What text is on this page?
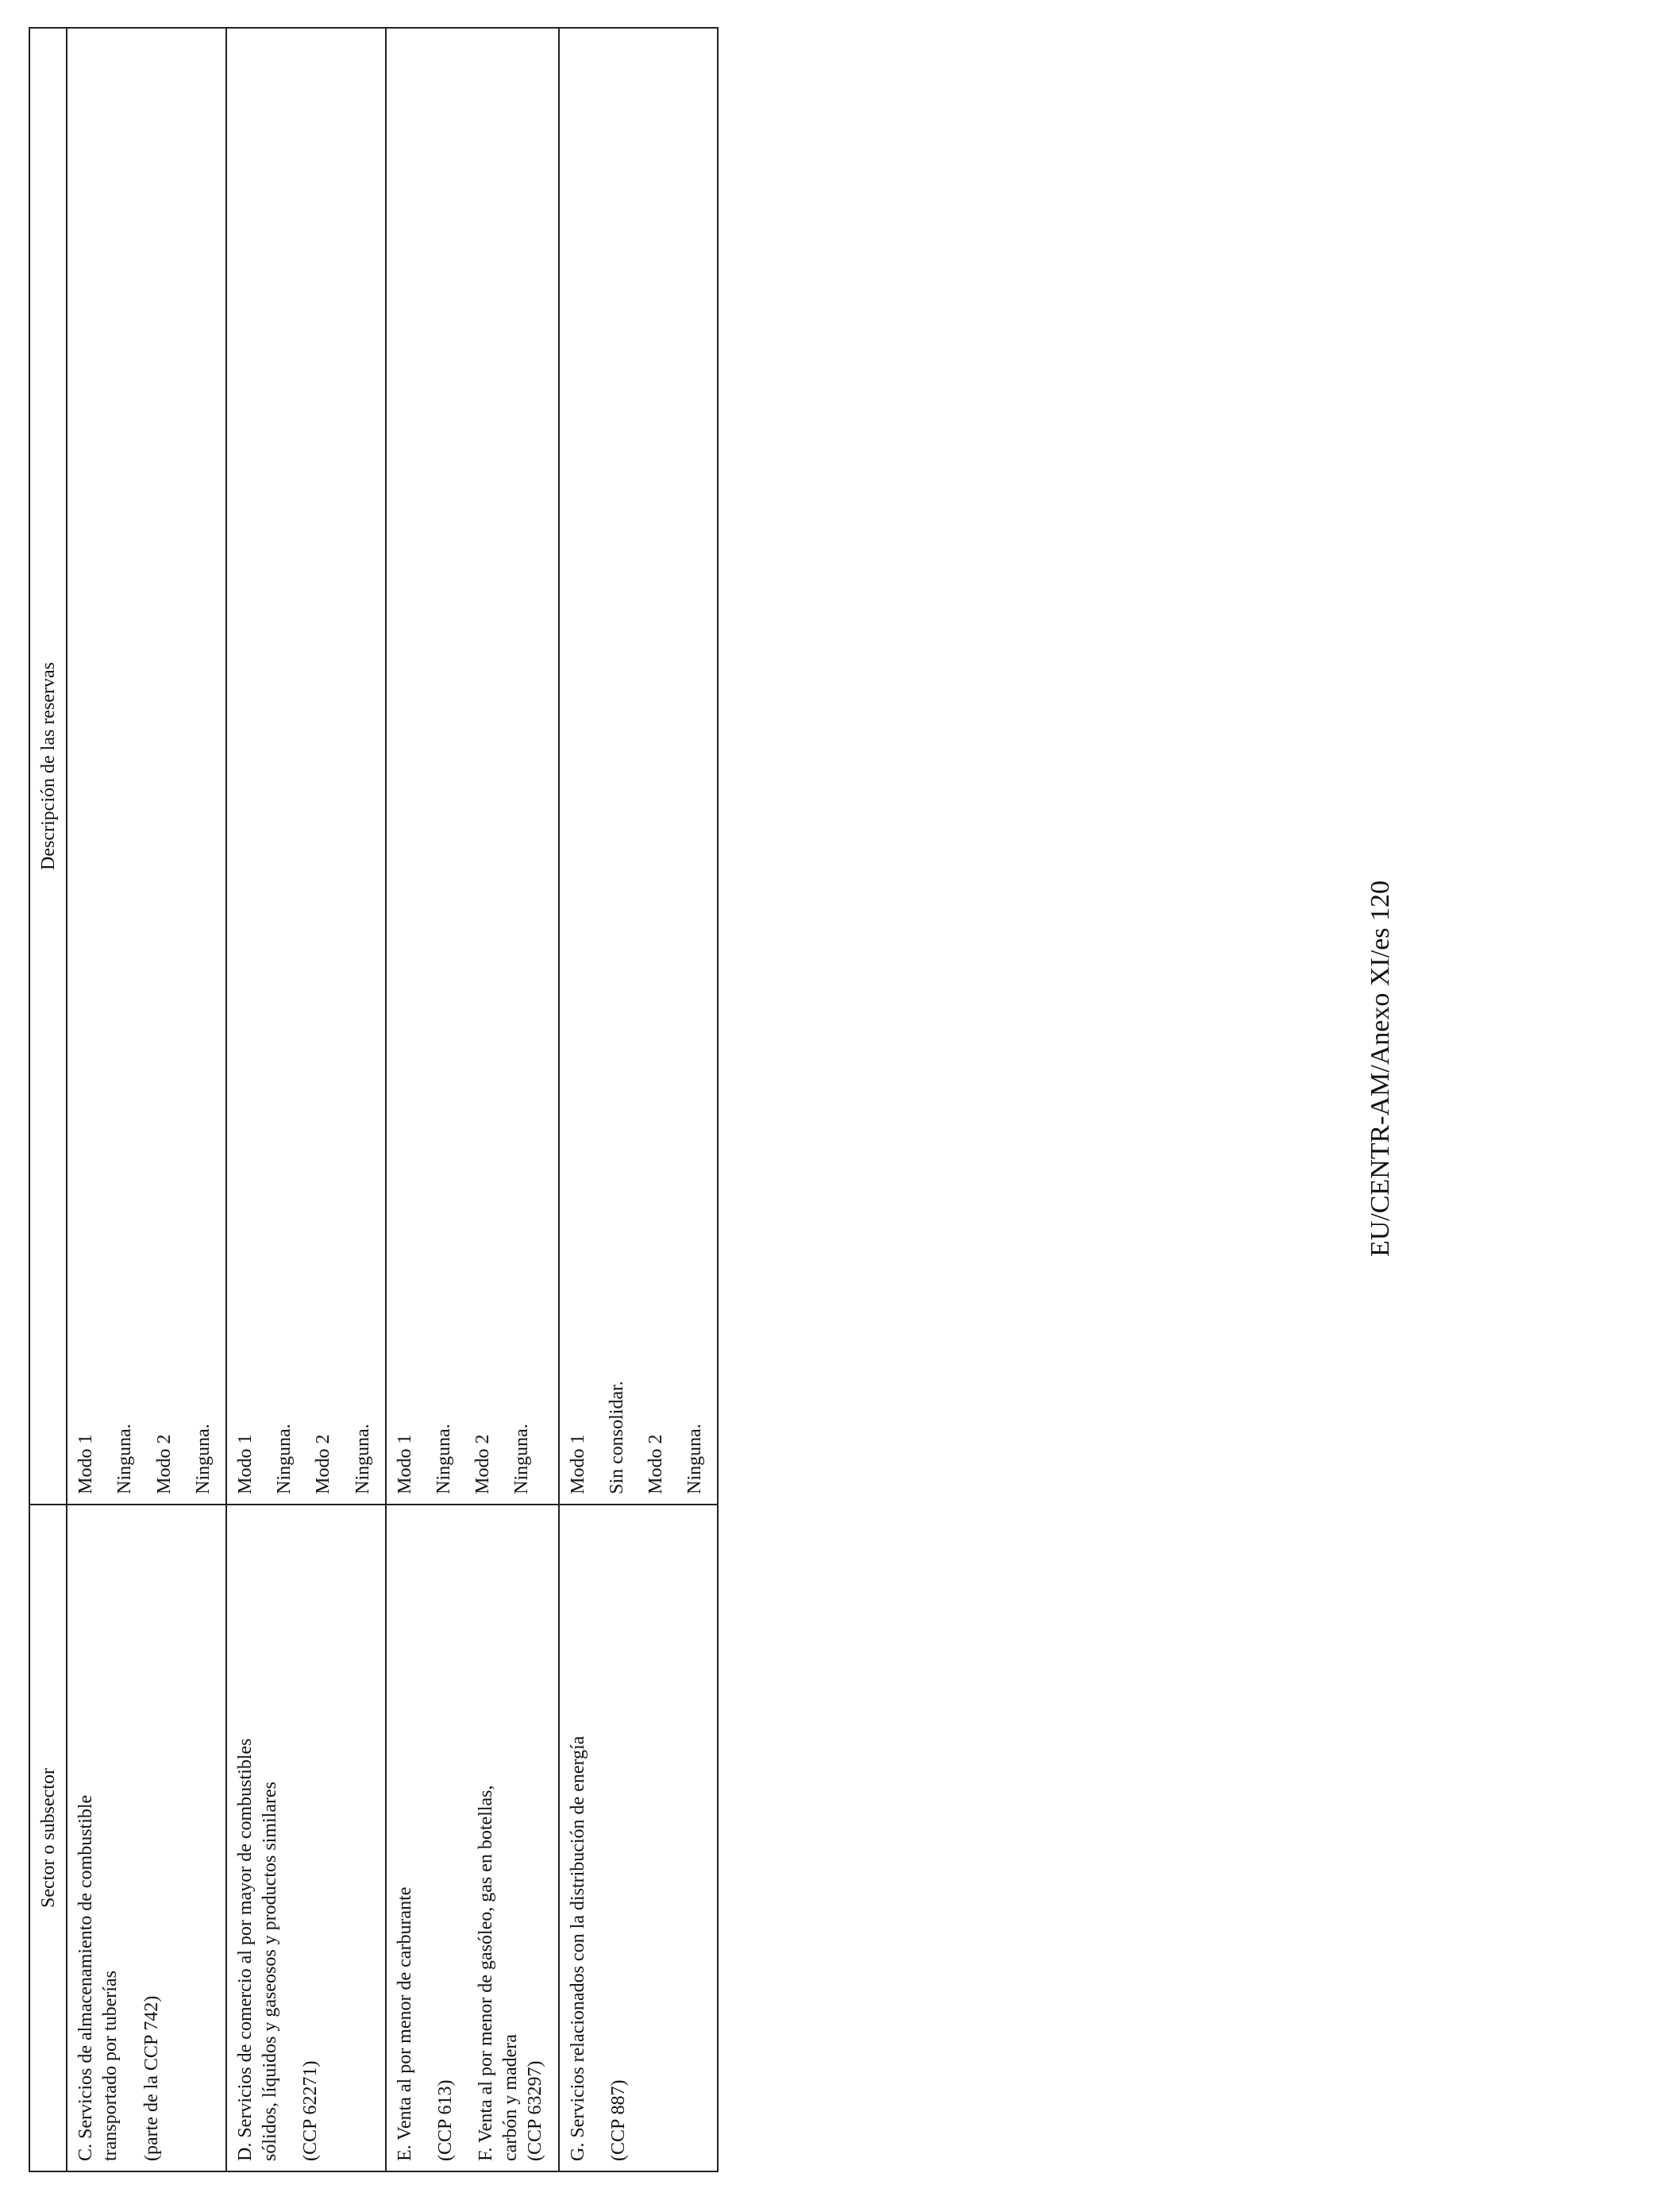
Sector o subsector	Descripción de las reservas

C. Servicios de almacenamiento de combustible transportado por tuberías (parte de la CCP 742)	Modo 1 Ninguna. Modo 2 Ninguna.

D. Servicios de comercio al por mayor de combustibles sólidos, líquidos y gaseosos y productos similares (CCP 62271)	Modo 1 Ninguna. Modo 2 Ninguna.

E. Venta al por menor de carburante (CCP 613) F. Venta al por menor de gasóleo, gas en botellas, carbón y madera (CCP 63297)	Modo 1 Ninguna. Modo 2 Ninguna.

G. Servicios relacionados con la distribución de energía (CCP 887)	Modo 1 Sin consolidar. Modo 2 Ninguna.
EU/CENTR-AM/Anexo XI/es 120
